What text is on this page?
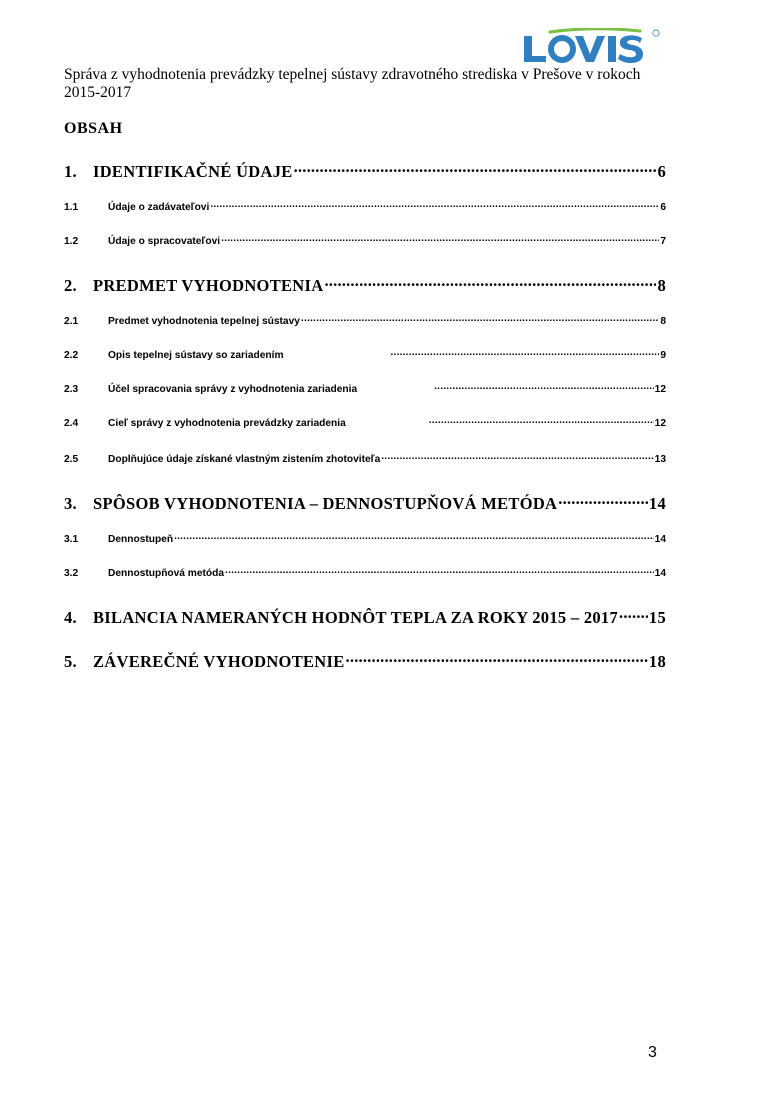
Správa z vyhodnotenia prevádzky tepelnej sústavy zdravotného strediska v Prešove v rokoch
2015-2017
OBSAH
1. IDENTIFIKAČNÉ ÚDAJE .....	6
1.1	Údaje o zadávateľovi .....	6
1.2	Údaje o spracovateľovi .....	7
2. PREDMET VYHODNOTENIA .....	8
2.1	Predmet vyhodnotenia tepelnej sústavy .....	8
2.2	Opis tepelnej sústavy so zariadením .....	9
2.3	Účel spracovania správy z vyhodnotenia zariadenia .....	12
2.4	Cieľ správy z vyhodnotenia prevádzky zariadenia .....	12
2.5	Doplňujúce údaje získané vlastným zistením zhotoviteľa .....	13
3. SPÔSOB VYHODNOTENIA – DENNOSTUPŇOVÁ METÓDA .....	14
3.1	Dennostupeň .....	14
3.2	Dennostupňová metóda .....	14
4. BILANCIA NAMERANÝCH HODNÔT TEPLA ZA ROKY 2015 – 2017 ..... 15
5. ZÁVEREČNÉ VYHODNOTENIE .....	18
3
